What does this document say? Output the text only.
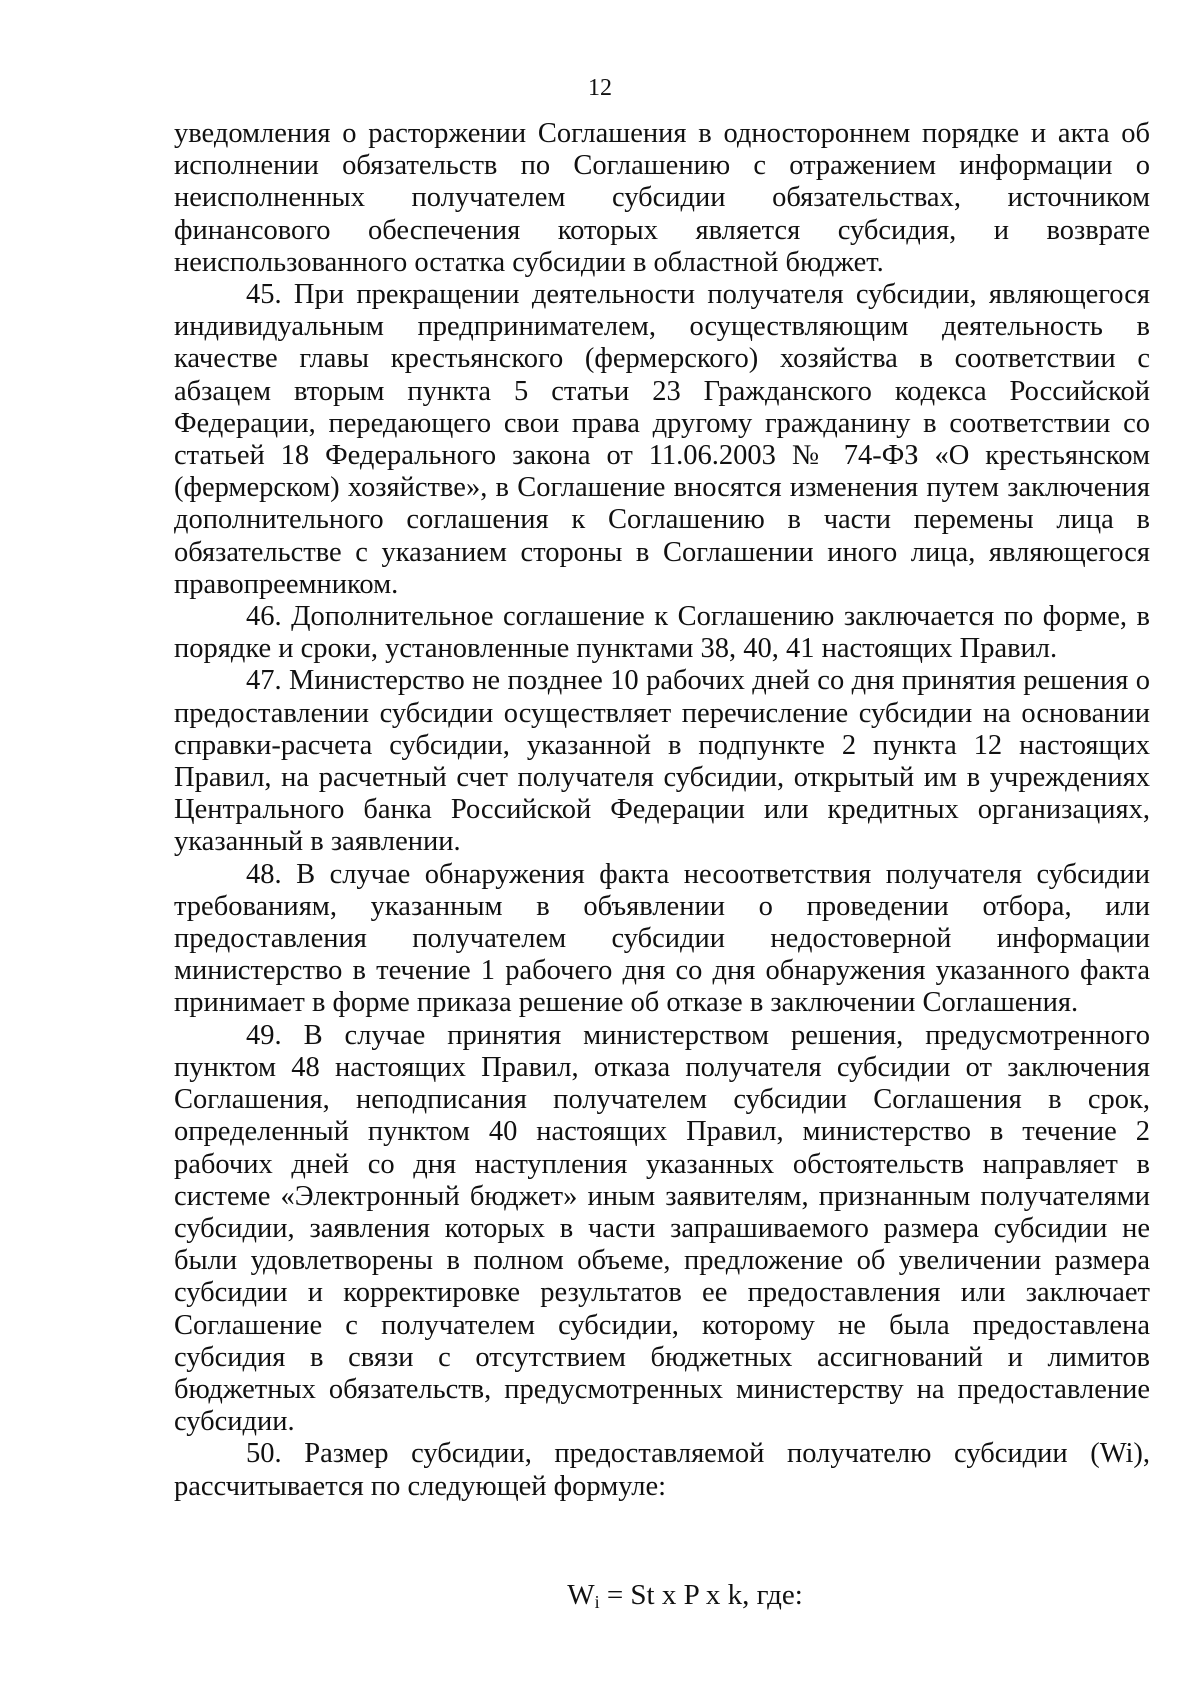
12

уведомления о расторжении Соглашения в одностороннем порядке и акта об исполнении обязательств по Соглашению с отражением информации о неисполненных получателем субсидии обязательствах, источником финансового обеспечения которых является субсидия, и возврате неиспользованного остатка субсидии в областной бюджет.

45. При прекращении деятельности получателя субсидии, являющегося индивидуальным предпринимателем, осуществляющим деятельность в качестве главы крестьянского (фермерского) хозяйства в соответствии с абзацем вторым пункта 5 статьи 23 Гражданского кодекса Российской Федерации, передающего свои права другому гражданину в соответствии со статьей 18 Федерального закона от 11.06.2003 № 74-ФЗ «О крестьянском (фермерском) хозяйстве», в Соглашение вносятся изменения путем заключения дополнительного соглашения к Соглашению в части перемены лица в обязательстве с указанием стороны в Соглашении иного лица, являющегося правопреемником.

46. Дополнительное соглашение к Соглашению заключается по форме, в порядке и сроки, установленные пунктами 38, 40, 41 настоящих Правил.

47. Министерство не позднее 10 рабочих дней со дня принятия решения о предоставлении субсидии осуществляет перечисление субсидии на основании справки-расчета субсидии, указанной в подпункте 2 пункта 12 настоящих Правил, на расчетный счет получателя субсидии, открытый им в учреждениях Центрального банка Российской Федерации или кредитных организациях, указанный в заявлении.

48. В случае обнаружения факта несоответствия получателя субсидии требованиям, указанным в объявлении о проведении отбора, или предоставления получателем субсидии недостоверной информации министерство в течение 1 рабочего дня со дня обнаружения указанного факта принимает в форме приказа решение об отказе в заключении Соглашения.

49. В случае принятия министерством решения, предусмотренного пунктом 48 настоящих Правил, отказа получателя субсидии от заключения Соглашения, неподписания получателем субсидии Соглашения в срок, определенный пунктом 40 настоящих Правил, министерство в течение 2 рабочих дней со дня наступления указанных обстоятельств направляет в системе «Электронный бюджет» иным заявителям, признанным получателями субсидии, заявления которых в части запрашиваемого размера субсидии не были удовлетворены в полном объеме, предложение об увеличении размера субсидии и корректировке результатов ее предоставления или заключает Соглашение с получателем субсидии, которому не была предоставлена субсидия в связи с отсутствием бюджетных ассигнований и лимитов бюджетных обязательств, предусмотренных министерству на предоставление субсидии.

50. Размер субсидии, предоставляемой получателю субсидии (Wi), рассчитывается по следующей формуле:

$W_i = St$ x P x k, где:
